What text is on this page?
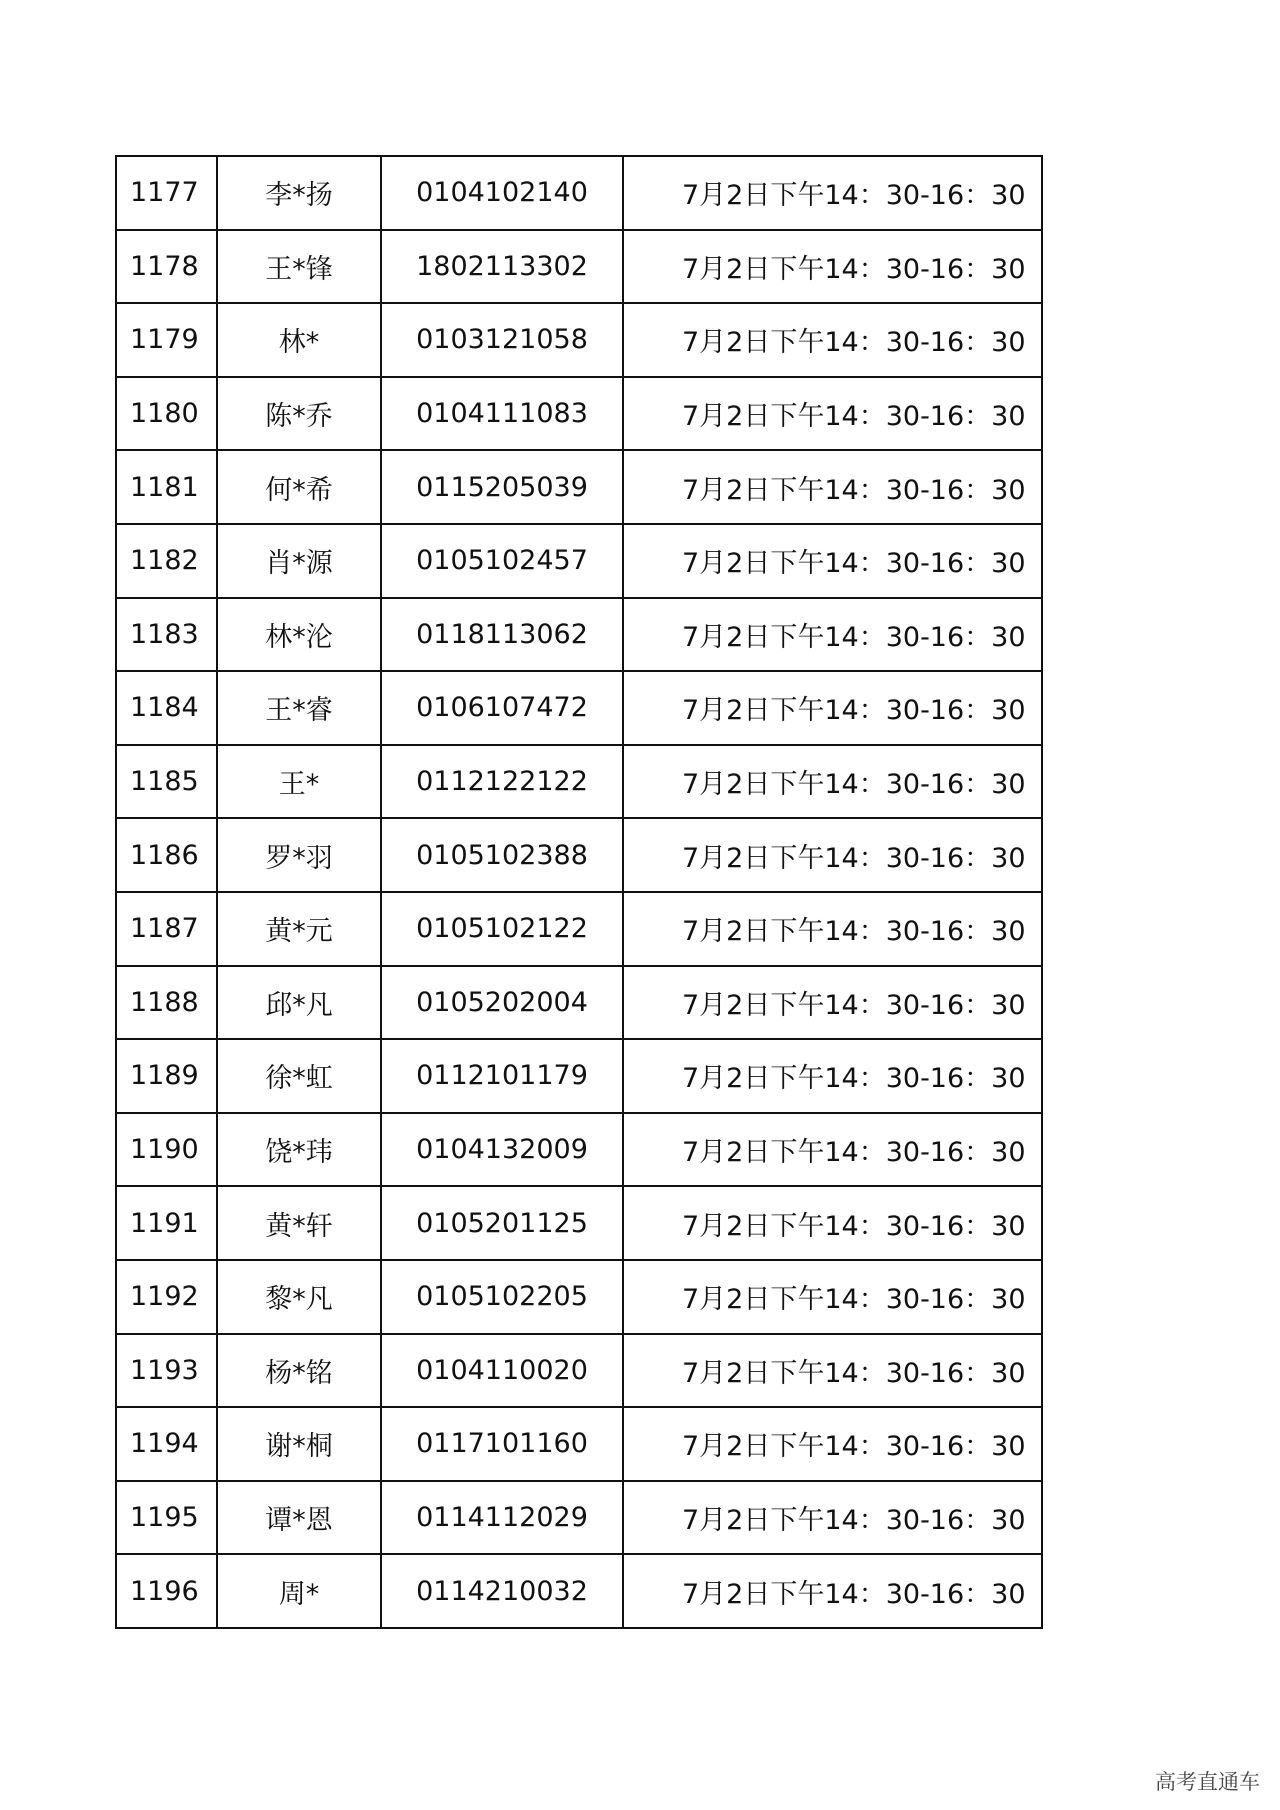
1177	李*扬	0104102140	7月2日下午14：30-16：30
1178	王*锋	1802113302	7月2日下午14：30-16：30
1179	林*	0103121058	7月2日下午14：30-16：30
1180	陈*乔	0104111083	7月2日下午14：30-16：30
1181	何*希	0115205039	7月2日下午14：30-16：30
1182	肖*源	0105102457	7月2日下午14：30-16：30
1183	林*沦	0118113062	7月2日下午14：30-16：30
1184	王*睿	0106107472	7月2日下午14：30-16：30
1185	王*	0112122122	7月2日下午14：30-16：30
1186	罗*羽	0105102388	7月2日下午14：30-16：30
1187	黄*元	0105102122	7月2日下午14：30-16：30
1188	邱*凡	0105202004	7月2日下午14：30-16：30
1189	徐*虹	0112101179	7月2日下午14：30-16：30
1190	饶*玮	0104132009	7月2日下午14：30-16：30
1191	黄*轩	0105201125	7月2日下午14：30-16：30
1192	黎*凡	0105102205	7月2日下午14：30-16：30
1193	杨*铭	0104110020	7月2日下午14：30-16：30
1194	谢*桐	0117101160	7月2日下午14：30-16：30
1195	谭*恩	0114112029	7月2日下午14：30-16：30
1196	周*	0114210032	7月2日下午14：30-16：30
高考直通车
